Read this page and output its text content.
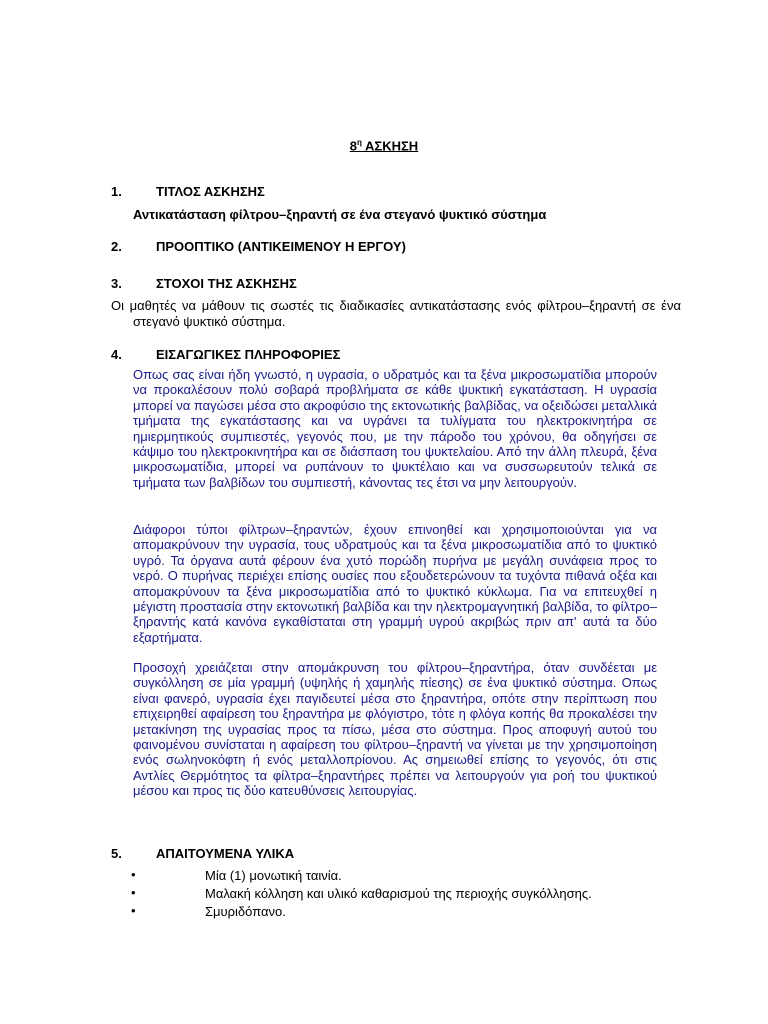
$8^\eta$ ΑΣΚΗΣΗ
1.	ΤΙΤΛΟΣ ΑΣΚΗΣΗΣ
Αντικατάσταση φίλτρου–ξηραντή σε ένα στεγανό ψυκτικό σύστημα
2.	ΠΡΟΟΠΤΙΚΟ (ΑΝΤΙΚΕΙΜΕΝΟΥ Η ΕΡΓΟΥ)
3.	ΣΤΟΧΟΙ ΤΗΣ ΑΣΚΗΣΗΣ
Οι μαθητές να μάθουν τις σωστές τις διαδικασίες αντικατάστασης ενός φίλτρου–ξηραντή σε ένα στεγανό ψυκτικό σύστημα.
4.	ΕΙΣΑΓΩΓΙΚΕΣ ΠΛΗΡΟΦΟΡΙΕΣ

Οπως σας είναι ήδη γνωστό, η υγρασία, ο υδρατμός και τα ξένα μικροσωματίδια μπορούν να προκαλέσουν πολύ σοβαρά προβλήματα σε κάθε ψυκτική εγκατάσταση. Η υγρασία μπορεί να παγώσει μέσα στο ακροφύσιο της εκτονωτικής βαλβίδας, να οξειδώσει μεταλλικά τμήματα της εγκατάστασης και να υγράνει τα τυλίγματα του ηλεκτροκινητήρα σε ημιερμητικούς συμπιεστές, γεγονός που, με την πάροδο του χρόνου, θα οδηγήσει σε κάψιμο του ηλεκτροκινητήρα και σε διάσπαση του ψυκτελαίου. Από την άλλη πλευρά, ξένα μικροσωματίδια, μπορεί να ρυπάνουν το ψυκτέλαιο και να συσσωρευτούν τελικά σε τμήματα των βαλβίδων του συμπιεστή, κάνοντας τες έτσι να μην λειτουργούν.

Διάφοροι τύποι φίλτρων–ξηραντών, έχουν επινοηθεί και χρησιμοποιούνται για να απομακρύνουν την υγρασία, τους υδρατμούς και τα ξένα μικροσωματίδια από το ψυκτικό υγρό. Τα όργανα αυτά φέρουν ένα χυτό πορώδη πυρήνα με μεγάλη συνάφεια προς το νερό. Ο πυρήνας περιέχει επίσης ουσίες που εξουδετερώνουν τα τυχόντα πιθανά οξέα και απομακρύνουν τα ξένα μικροσωματίδια από το ψυκτικό κύκλωμα. Για να επιτευχθεί η μέγιστη προστασία στην εκτονωτική βαλβίδα και την ηλεκτρομαγνητική βαλβίδα, το φίλτρο–ξηραντής κατά κανόνα εγκαθίσταται στη γραμμή υγρού ακριβώς πριν απ' αυτά τα δύο εξαρτήματα.

Προσοχή χρειάζεται στην απομάκρυνση του φίλτρου–ξηραντήρα, όταν συνδέεται με συγκόλληση σε μία γραμμή (υψηλής ή χαμηλής πίεσης) σε ένα ψυκτικό σύστημα. Οπως είναι φανερό, υγρασία έχει παγιδευτεί μέσα στο ξηραντήρα, οπότε στην περίπτωση που επιχειρηθεί αφαίρεση του ξηραντήρα με φλόγιστρο, τότε η φλόγα κοπής θα προκαλέσει την μετακίνηση της υγρασίας προς τα πίσω, μέσα στο σύστημα. Προς αποφυγή αυτού του φαινομένου συνίσταται η αφαίρεση του φίλτρου–ξηραντή να γίνεται με την χρησιμοποίηση ενός σωληνοκόφτη ή ενός μεταλλοπρίονου. Ας σημειωθεί επίσης το γεγονός, ότι στις Αντλίες Θερμότητος τα φίλτρα–ξηραντήρες πρέπει να λειτουργούν για ροή του ψυκτικού μέσου και προς τις δύο κατευθύνσεις λειτουργίας.

5.	ΑΠΑΙΤΟΥΜΕΝΑ ΥΛΙΚΑ
•	Μία (1) μονωτική ταινία.
•	Μαλακή κόλληση και υλικό καθαρισμού της περιοχής συγκόλλησης.
•	Σμυριδόπανο.
